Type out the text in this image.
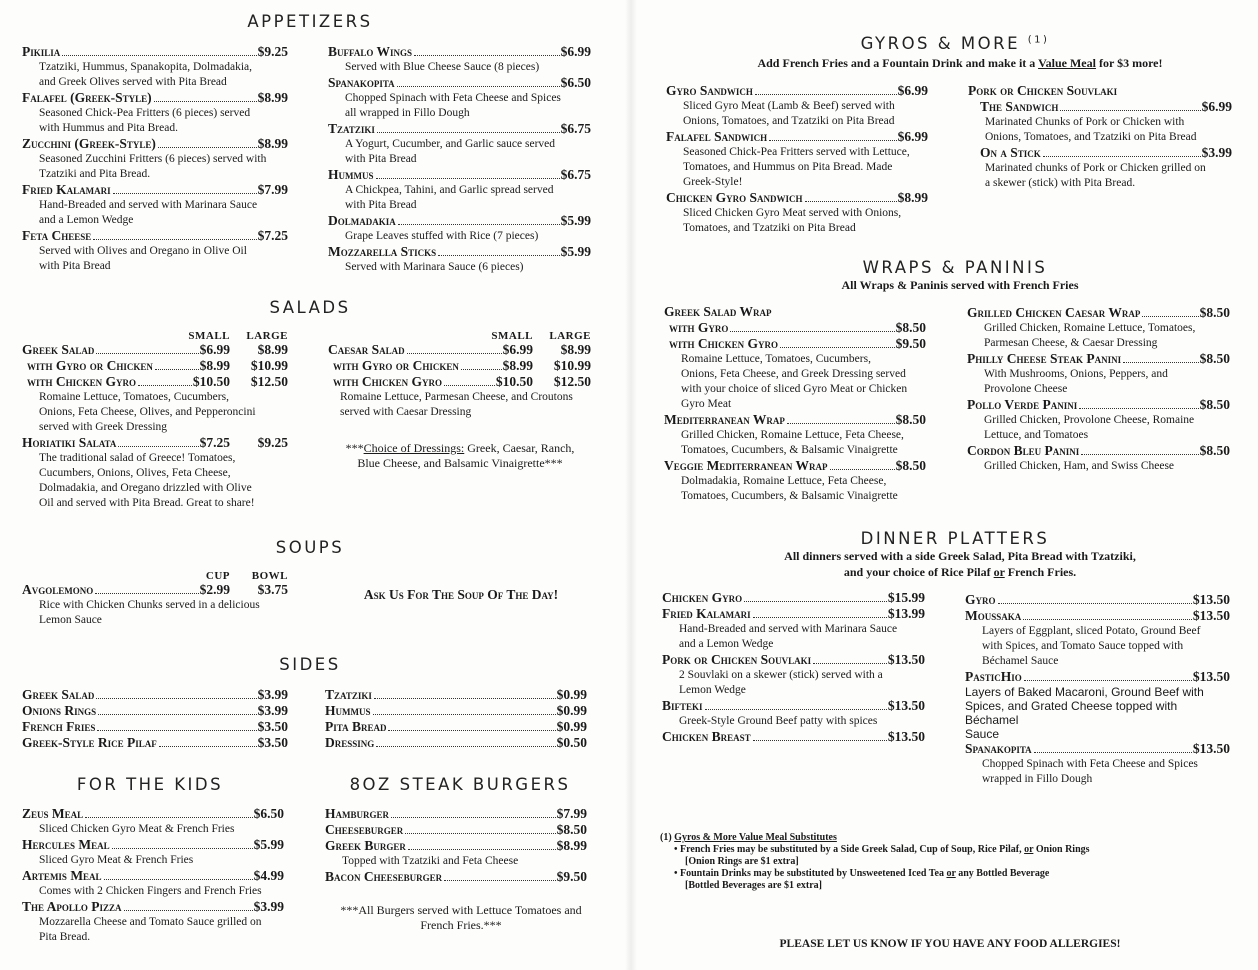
APPETIZERS
Pikilia	$9.25
Tzatziki, Hummus, Spanakopita, Dolmadakia,
and Greek Olives served with Pita Bread
Falafel (Greek-Style)	$8.99
Seasoned Chick-Pea Fritters (6 pieces) served
with Hummus and Pita Bread.
Zucchini (Greek-Style)	$8.99
Seasoned Zucchini Fritters (6 pieces) served with
Tzatziki and Pita Bread.
Fried Kalamari	$7.99
Hand-Breaded and served with Marinara Sauce
and a Lemon Wedge
Feta Cheese	$7.25
Served with Olives and Oregano in Olive Oil
with Pita Bread
Buffalo Wings	$6.99
Served with Blue Cheese Sauce (8 pieces)
Spanakopita	$6.50
Chopped Spinach with Feta Cheese and Spices
all wrapped in Fillo Dough
Tzatziki	$6.75
A Yogurt, Cucumber, and Garlic sauce served
with Pita Bread
Hummus	$6.75
A Chickpea, Tahini, and Garlic spread served
with Pita Bread
Dolmadakia	$5.99
Grape Leaves stuffed with Rice (7 pieces)
Mozzarella Sticks	$5.99
Served with Marinara Sauce (6 pieces)
SALADS
SMALL LARGE
Greek Salad	$6.99	$8.99
with Gyro or Chicken	$8.99	$10.99
with Chicken Gyro	$10.50	$12.50
Romaine Lettuce, Tomatoes, Cucumbers,
Onions, Feta Cheese, Olives, and Pepperoncini
served with Greek Dressing
Horiatiki Salata	$7.25	$9.25
The traditional salad of Greece! Tomatoes,
Cucumbers, Onions, Olives, Feta Cheese,
Dolmadakia, and Oregano drizzled with Olive
Oil and served with Pita Bread. Great to share!
SMALL LARGE
Caesar Salad	$6.99	$8.99
with Gyro or Chicken	$8.99	$10.99
with Chicken Gyro	$10.50	$12.50
Romaine Lettuce, Parmesan Cheese, and Croutons
served with Caesar Dressing
***Choice of Dressings: Greek, Caesar, Ranch,
Blue Cheese, and Balsamic Vinaigrette***
SOUPS
CUP BOWL
Avgolemono	$2.99	$3.75
Rice with Chicken Chunks served in a delicious
Lemon Sauce
Ask Us For The Soup Of The Day!
SIDES
Greek Salad	$3.99
Onions Rings	$3.99
French Fries	$3.50
Greek-Style Rice Pilaf	$3.50
Tzatziki	$0.99
Hummus	$0.99
Pita Bread	$0.99
Dressing	$0.50
FOR THE KIDS
Zeus Meal	$6.50
Sliced Chicken Gyro Meat & French Fries
Hercules Meal	$5.99
Sliced Gyro Meat & French Fries
Artemis Meal	$4.99
Comes with 2 Chicken Fingers and French Fries
The Apollo Pizza	$3.99
Mozzarella Cheese and Tomato Sauce grilled on
Pita Bread.
8OZ STEAK BURGERS
Hamburger	$7.99
Cheeseburger	$8.50
Greek Burger	$8.99
Topped with Tzatziki and Feta Cheese
Bacon Cheeseburger	$9.50
***All Burgers served with Lettuce Tomatoes and
French Fries.***
GYROS & MORE $^{(1)}$
Add French Fries and a Fountain Drink and make it a Value Meal for $3 more!
Gyro Sandwich	$6.99
Sliced Gyro Meat (Lamb & Beef) served with
Onions, Tomatoes, and Tzatziki on Pita Bread
Falafel Sandwich	$6.99
Seasoned Chick-Pea Fritters served with Lettuce,
Tomatoes, and Hummus on Pita Bread. Made
Greek-Style!
Chicken Gyro Sandwich	$8.99
Sliced Chicken Gyro Meat served with Onions,
Tomatoes, and Tzatziki on Pita Bread
Pork or Chicken Souvlaki
The Sandwich	$6.99
Marinated Chunks of Pork or Chicken with
Onions, Tomatoes, and Tzatziki on Pita Bread
On a Stick	$3.99
Marinated chunks of Pork or Chicken grilled on
a skewer (stick) with Pita Bread.
WRAPS & PANINIS
All Wraps & Paninis served with French Fries
Greek Salad Wrap
with Gyro	$8.50
with Chicken Gyro	$9.50
Romaine Lettuce, Tomatoes, Cucumbers,
Onions, Feta Cheese, and Greek Dressing served
with your choice of sliced Gyro Meat or Chicken
Gyro Meat
Mediterranean Wrap	$8.50
Grilled Chicken, Romaine Lettuce, Feta Cheese,
Tomatoes, Cucumbers, & Balsamic Vinaigrette
Veggie Mediterranean Wrap	$8.50
Dolmadakia, Romaine Lettuce, Feta Cheese,
Tomatoes, Cucumbers, & Balsamic Vinaigrette
Grilled Chicken Caesar Wrap	$8.50
Grilled Chicken, Romaine Lettuce, Tomatoes,
Parmesan Cheese, & Caesar Dressing
Philly Cheese Steak Panini	$8.50
With Mushrooms, Onions, Peppers, and
Provolone Cheese
Pollo Verde Panini	$8.50
Grilled Chicken, Provolone Cheese, Romaine
Lettuce, and Tomatoes
Cordon Bleu Panini	$8.50
Grilled Chicken, Ham, and Swiss Cheese
DINNER PLATTERS
All dinners served with a side Greek Salad, Pita Bread with Tzatziki,
and your choice of Rice Pilaf or French Fries.
Chicken Gyro	$15.99
Fried Kalamari	$13.99
Hand-Breaded and served with Marinara Sauce
and a Lemon Wedge
Pork or Chicken Souvlaki	$13.50
2 Souvlaki on a skewer (stick) served with a
Lemon Wedge
Bifteki	$13.50
Greek-Style Ground Beef patty with spices
Chicken Breast	$13.50
Gyro	$13.50
Moussaka	$13.50
Layers of Eggplant, sliced Potato, Ground Beef
with Spices, and Tomato Sauce topped with
Béchamel Sauce
PasticHio	$13.50
Layers of Baked Macaroni, Ground Beef with
Spices, and Grated Cheese topped with Béchamel
Sauce
Spanakopita	$13.50
Chopped Spinach with Feta Cheese and Spices
wrapped in Fillo Dough
(1) Gyros & More Value Meal Substitutes
• French Fries may be substituted by a Side Greek Salad, Cup of Soup, Rice Pilaf, or Onion Rings
[Onion Rings are $1 extra]
• Fountain Drinks may be substituted by Unsweetened Iced Tea or any Bottled Beverage
[Bottled Beverages are $1 extra]
PLEASE LET US KNOW IF YOU HAVE ANY FOOD ALLERGIES!
